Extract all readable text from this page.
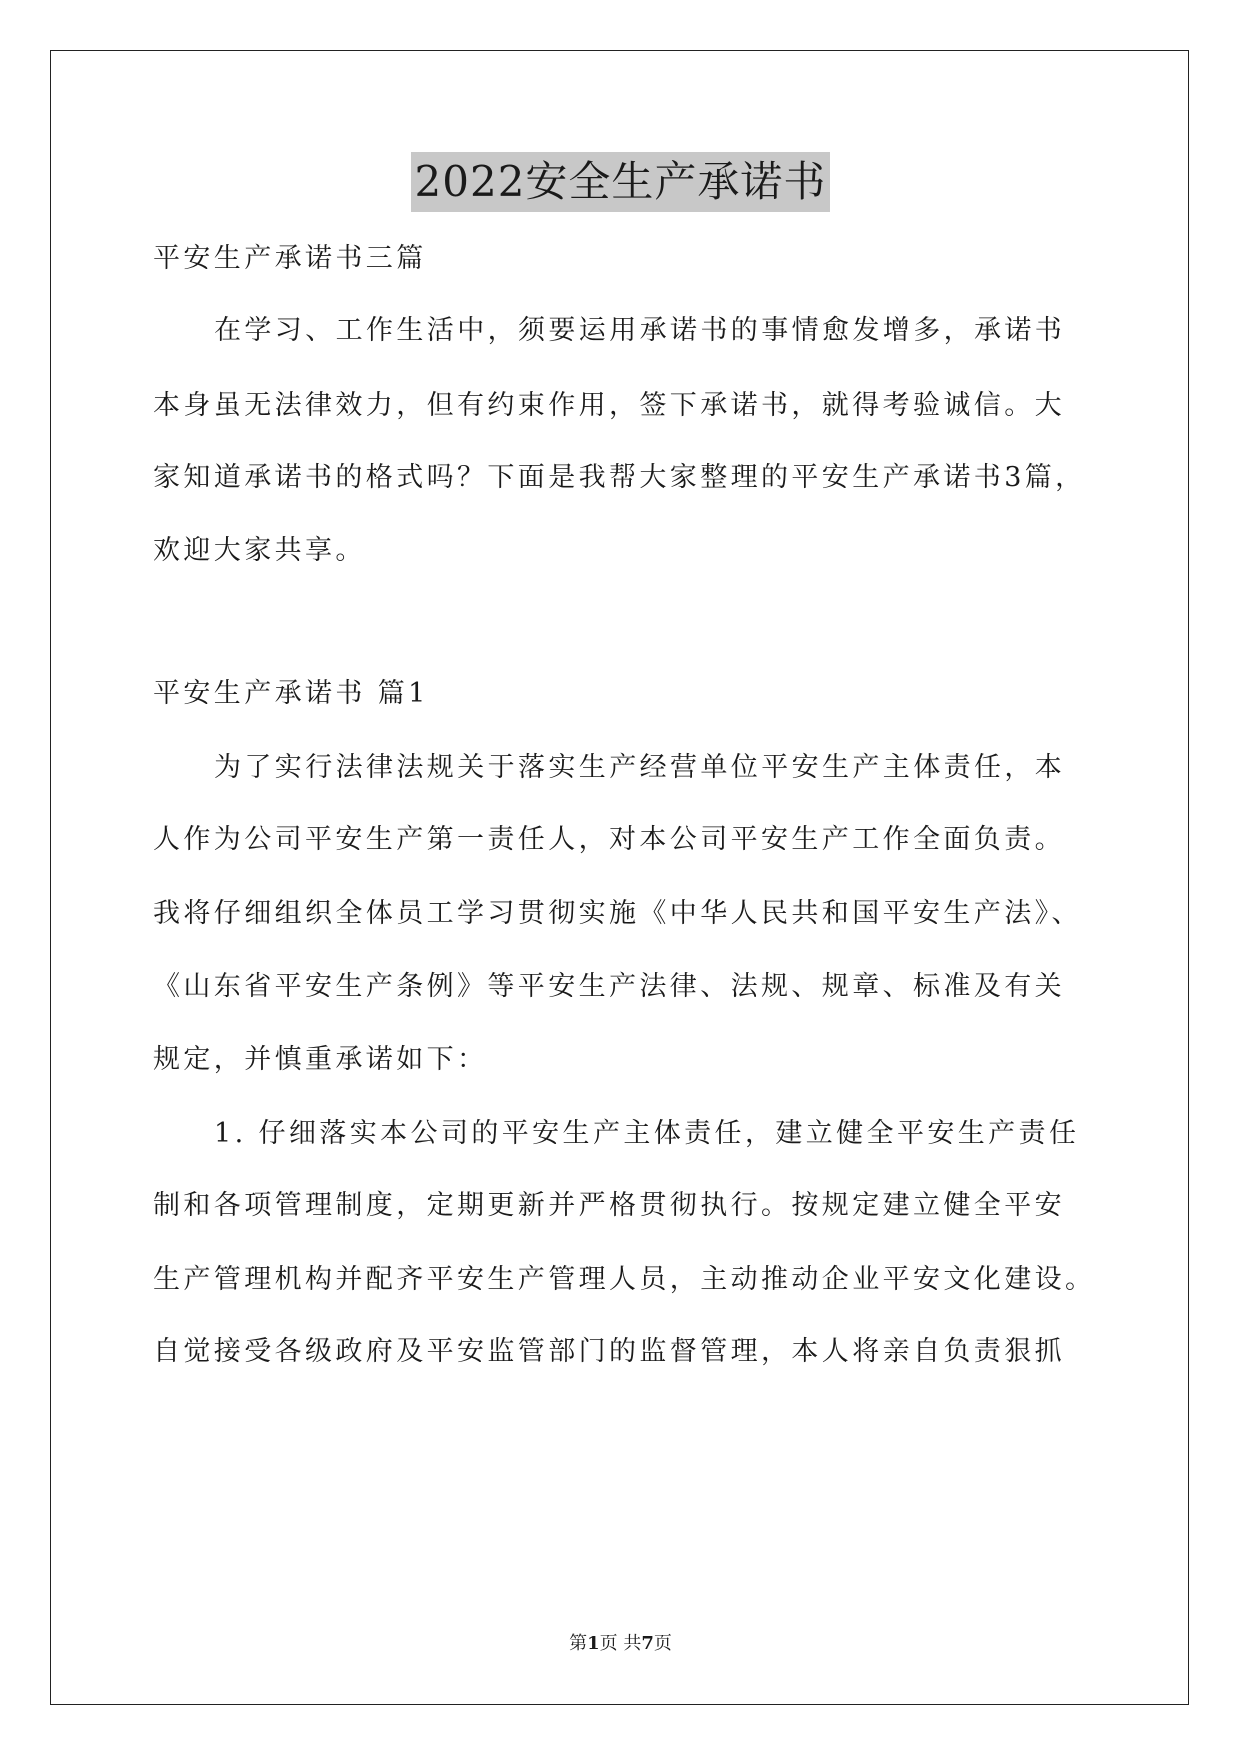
2022安全生产承诺书
平安生产承诺书三篇
在学习、工作生活中，须要运用承诺书的事情愈发增多，承诺书
本身虽无法律效力，但有约束作用，签下承诺书，就得考验诚信。大
家知道承诺书的格式吗？下面是我帮大家整理的平安生产承诺书3篇，
欢迎大家共享。
平安生产承诺书 篇1
为了实行法律法规关于落实生产经营单位平安生产主体责任，本
人作为公司平安生产第一责任人，对本公司平安生产工作全面负责。
我将仔细组织全体员工学习贯彻实施《中华人民共和国平安生产法》、
《山东省平安生产条例》等平安生产法律、法规、规章、标准及有关
规定，并慎重承诺如下：
1. 仔细落实本公司的平安生产主体责任，建立健全平安生产责任
制和各项管理制度，定期更新并严格贯彻执行。按规定建立健全平安
生产管理机构并配齐平安生产管理人员，主动推动企业平安文化建设。
自觉接受各级政府及平安监管部门的监督管理，本人将亲自负责狠抓
第1页 共7页
